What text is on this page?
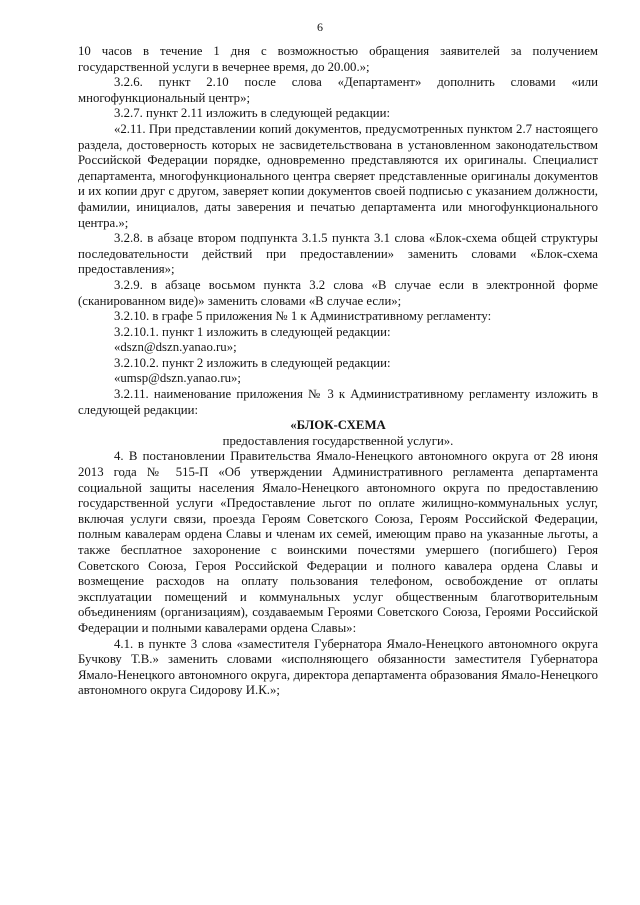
6

10 часов в течение 1 дня с возможностью обращения заявителей за получением государственной услуги в вечернее время, до 20.00.»;

3.2.6. пункт 2.10 после слова «Департамент» дополнить словами «или многофункциональный центр»;

3.2.7. пункт 2.11 изложить в следующей редакции:

«2.11. При представлении копий документов, предусмотренных пунктом 2.7 настоящего раздела, достоверность которых не засвидетельствована в установленном законодательством Российской Федерации порядке, одновременно представляются их оригиналы. Специалист департамента, многофункционального центра сверяет представленные оригиналы документов и их копии друг с другом, заверяет копии документов своей подписью с указанием должности, фамилии, инициалов, даты заверения и печатью департамента или многофункционального центра.»;

3.2.8. в абзаце втором подпункта 3.1.5 пункта 3.1 слова «Блок-схема общей структуры последовательности действий при предоставлении» заменить словами «Блок-схема предоставления»;

3.2.9. в абзаце восьмом пункта 3.2 слова «В случае если в электронной форме (сканированном виде)» заменить словами «В случае если»;

3.2.10. в графе 5 приложения № 1 к Административному регламенту:

3.2.10.1. пункт 1 изложить в следующей редакции:

«dszn@dszn.yanao.ru»;

3.2.10.2. пункт 2 изложить в следующей редакции:

«umsp@dszn.yanao.ru»;

3.2.11. наименование приложения № 3 к Административному регламенту изложить в следующей редакции:

«БЛОК-СХЕМА

предоставления государственной услуги».

4. В постановлении Правительства Ямало-Ненецкого автономного округа от 28 июня 2013 года № 515-П «Об утверждении Административного регламента департамента социальной защиты населения Ямало-Ненецкого автономного округа по предоставлению государственной услуги «Предоставление льгот по оплате жилищно-коммунальных услуг, включая услуги связи, проезда Героям Советского Союза, Героям Российской Федерации, полным кавалерам ордена Славы и членам их семей, имеющим право на указанные льготы, а также бесплатное захоронение с воинскими почестями умершего (погибшего) Героя Советского Союза, Героя Российской Федерации и полного кавалера ордена Славы и возмещение расходов на оплату пользования телефоном, освобождение от оплаты эксплуатации помещений и коммунальных услуг общественным благотворительным объединениям (организациям), создаваемым Героями Советского Союза, Героями Российской Федерации и полными кавалерами ордена Славы»:

4.1. в пункте 3 слова «заместителя Губернатора Ямало-Ненецкого автономного округа Бучкову Т.В.» заменить словами «исполняющего обязанности заместителя Губернатора Ямало-Ненецкого автономного округа, директора департамента образования Ямало-Ненецкого автономного округа Сидорову И.К.»;
